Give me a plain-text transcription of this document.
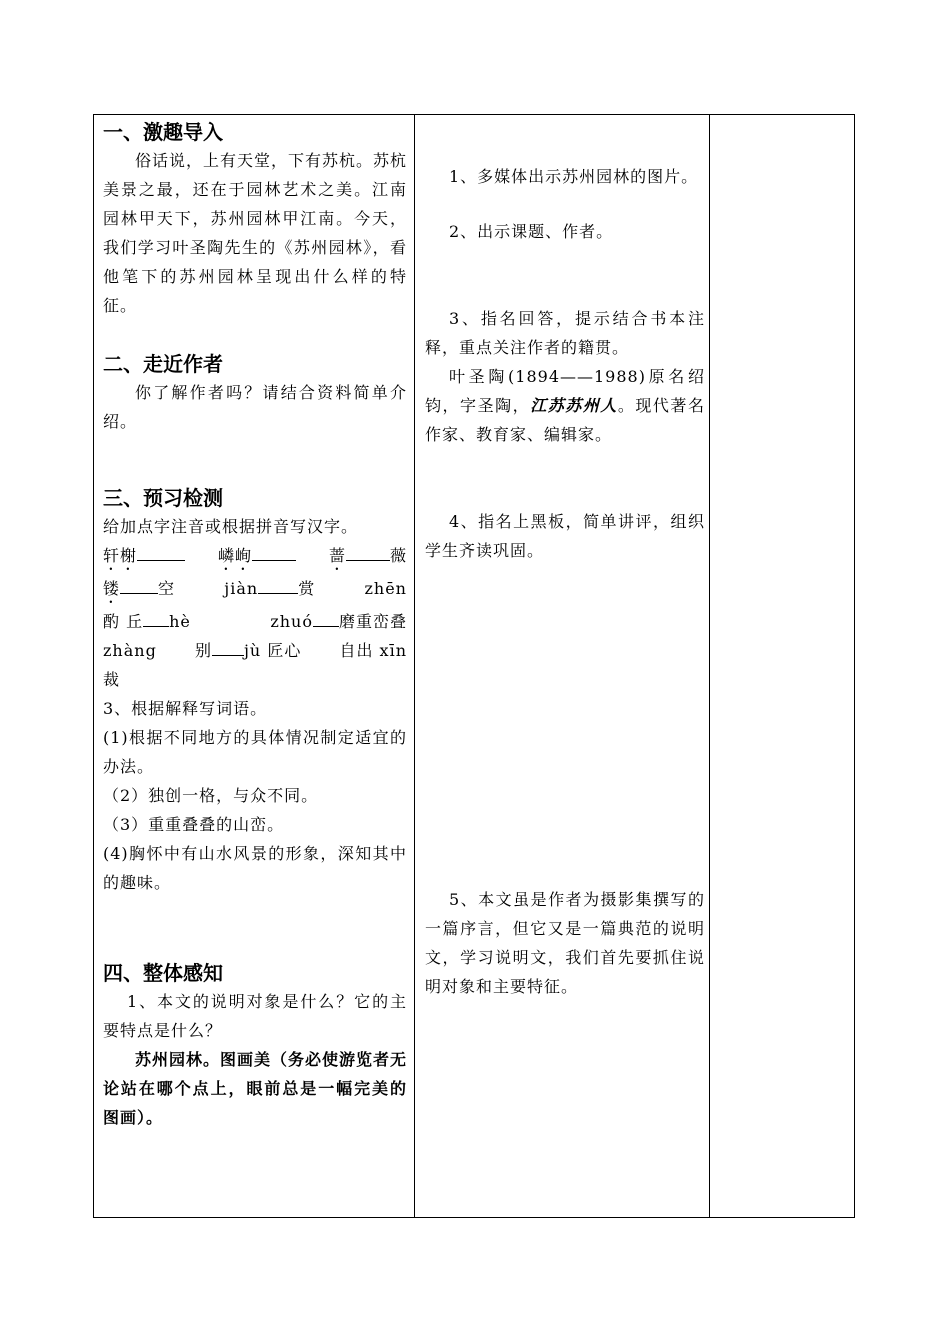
一、激趣导入

俗话说，上有天堂，下有苏杭。苏杭美景之最，还在于园林艺术之美。江南园林甲天下，苏州园林甲江南。今天，我们学习叶圣陶先生的《苏州园林》，看他笔下的苏州园林呈现出什么样的特征。

二、走近作者

你了解作者吗？请结合资料简单介绍。

三、预习检测

给加点字注音或根据拼音写汉字。

轩榭	嶙峋	蔷	薇
镂 空	jiàn	赏	zhēn
酌 丘 hè	zhuó 磨重峦叠
zhàng 别 jù 匠心 自出 xīn

裁

3、根据解释写词语。

(1)根据不同地方的具体情况制定适宜的办法。

（2）独创一格，与众不同。

（3）重重叠叠的山峦。

(4)胸怀中有山水风景的形象，深知其中的趣味。

四、整体感知

1、本文的说明对象是什么？它的主要特点是什么？

苏州园林。图画美（务必使游览者无论站在哪个点上，眼前总是一幅完美的图画）。

1、多媒体出示苏州园林的图片。

2、出示课题、作者。

3、指名回答，提示结合书本注释，重点关注作者的籍贯。

叶圣陶(1894——1988)原名绍钧，字圣陶，江苏苏州人。现代著名作家、教育家、编辑家。

4、指名上黑板，简单讲评，组织学生齐读巩固。

5、本文虽是作者为摄影集撰写的一篇序言，但它又是一篇典范的说明文，学习说明文，我们首先要抓住说明对象和主要特征。
